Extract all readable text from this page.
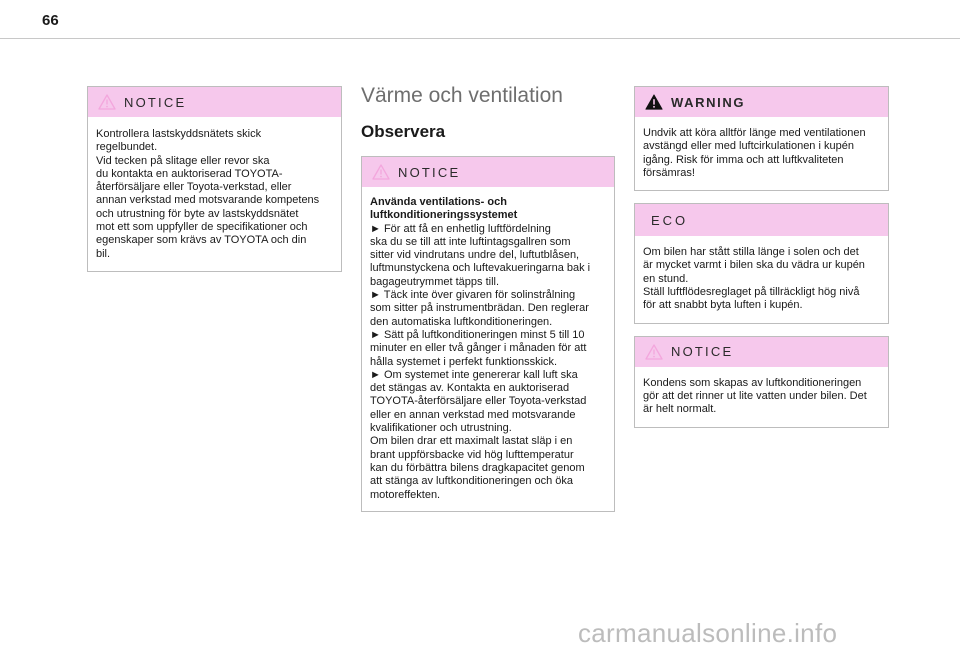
66
NOTICE

Kontrollera lastskyddsnätets skick
regelbundet.
Vid tecken på slitage eller revor ska
du kontakta en auktoriserad TOYOTA-
återförsäljare eller Toyota-verkstad, eller
annan verkstad med motsvarande kompetens
och utrustning för byte av lastskyddsnätet
mot ett som uppfyller de specifikationer och
egenskaper som krävs av TOYOTA och din
bil.

Värme och ventilation
Observera
NOTICE

Använda ventilations- och
luftkonditioneringssystemet

► För att få en enhetlig luftfördelning
ska du se till att inte luftintagsgallren som
sitter vid vindrutans undre del, luftutblåsen,
luftmunstyckena och luftevakueringarna bak i
bagageutrymmet täpps till.
► Täck inte över givaren för solinstrålning
som sitter på instrumentbrädan. Den reglerar
den automatiska luftkonditioneringen.
► Sätt på luftkonditioneringen minst 5 till 10
minuter en eller två gånger i månaden för att
hålla systemet i perfekt funktionsskick.
► Om systemet inte genererar kall luft ska
det stängas av. Kontakta en auktoriserad
TOYOTA-återförsäljare eller Toyota-verkstad
eller en annan verkstad med motsvarande
kvalifikationer och utrustning.
Om bilen drar ett maximalt lastat släp i en
brant uppförsbacke vid hög lufttemperatur
kan du förbättra bilens dragkapacitet genom
att stänga av luftkonditioneringen och öka
motoreffekten.

WARNING

Undvik att köra alltför länge med ventilationen
avstängd eller med luftcirkulationen i kupén
igång. Risk för imma och att luftkvaliteten
försämras!

ECO

Om bilen har stått stilla länge i solen och det
är mycket varmt i bilen ska du vädra ur kupén
en stund.
Ställ luftflödesreglaget på tillräckligt hög nivå
för att snabbt byta luften i kupén.

NOTICE

Kondens som skapas av luftkonditioneringen
gör att det rinner ut lite vatten under bilen. Det
är helt normalt.

carmanualsonline.info
